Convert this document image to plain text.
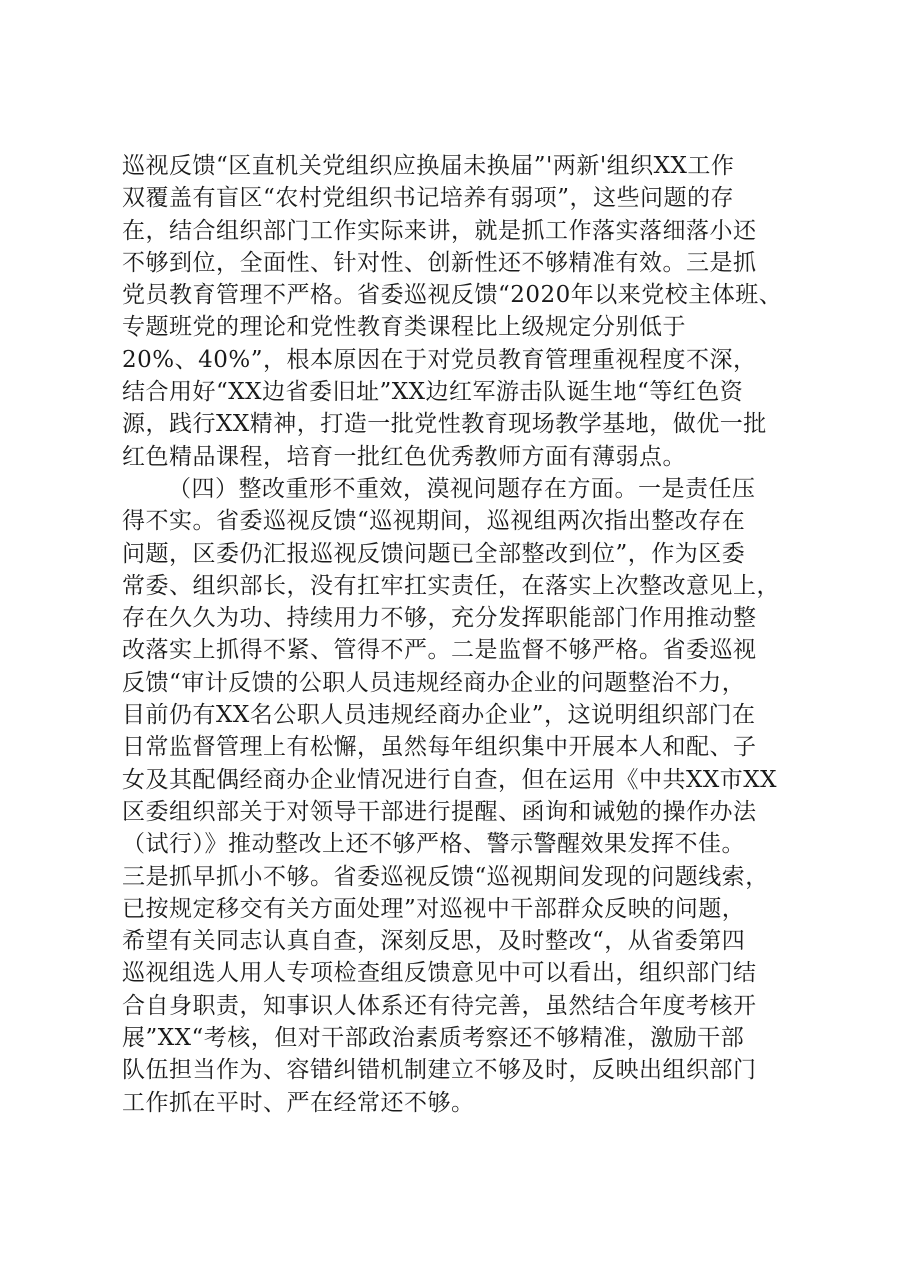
巡视反馈“区直机关党组织应换届未换届”'两新'组织XX工作
双覆盖有盲区“农村党组织书记培养有弱项”，这些问题的存
在，结合组织部门工作实际来讲，就是抓工作落实落细落小还
不够到位，全面性、针对性、创新性还不够精准有效。三是抓
党员教育管理不严格。省委巡视反馈“2020年以来党校主体班、
专题班党的理论和党性教育类课程比上级规定分别低于
20%、40%”，根本原因在于对党员教育管理重视程度不深，
结合用好“XX边省委旧址”XX边红军游击队诞生地“等红色资
源，践行XX精神，打造一批党性教育现场教学基地，做优一批
红色精品课程，培育一批红色优秀教师方面有薄弱点。
（四）整改重形不重效，漠视问题存在方面。一是责任压
得不实。省委巡视反馈“巡视期间，巡视组两次指出整改存在
问题，区委仍汇报巡视反馈问题已全部整改到位”，作为区委
常委、组织部长，没有扛牢扛实责任，在落实上次整改意见上，
存在久久为功、持续用力不够，充分发挥职能部门作用推动整
改落实上抓得不紧、管得不严。二是监督不够严格。省委巡视
反馈“审计反馈的公职人员违规经商办企业的问题整治不力，
目前仍有XX名公职人员违规经商办企业”，这说明组织部门在
日常监督管理上有松懈，虽然每年组织集中开展本人和配、子
女及其配偶经商办企业情况进行自查，但在运用《中共XX市XX
区委组织部关于对领导干部进行提醒、函询和诫勉的操作办法
（试行）》推动整改上还不够严格、警示警醒效果发挥不佳。
三是抓早抓小不够。省委巡视反馈“巡视期间发现的问题线索，
已按规定移交有关方面处理”对巡视中干部群众反映的问题，
希望有关同志认真自查，深刻反思，及时整改“，从省委第四
巡视组选人用人专项检查组反馈意见中可以看出，组织部门结
合自身职责，知事识人体系还有待完善，虽然结合年度考核开
展”XX“考核，但对干部政治素质考察还不够精准，激励干部
队伍担当作为、容错纠错机制建立不够及时，反映出组织部门
工作抓在平时、严在经常还不够。
